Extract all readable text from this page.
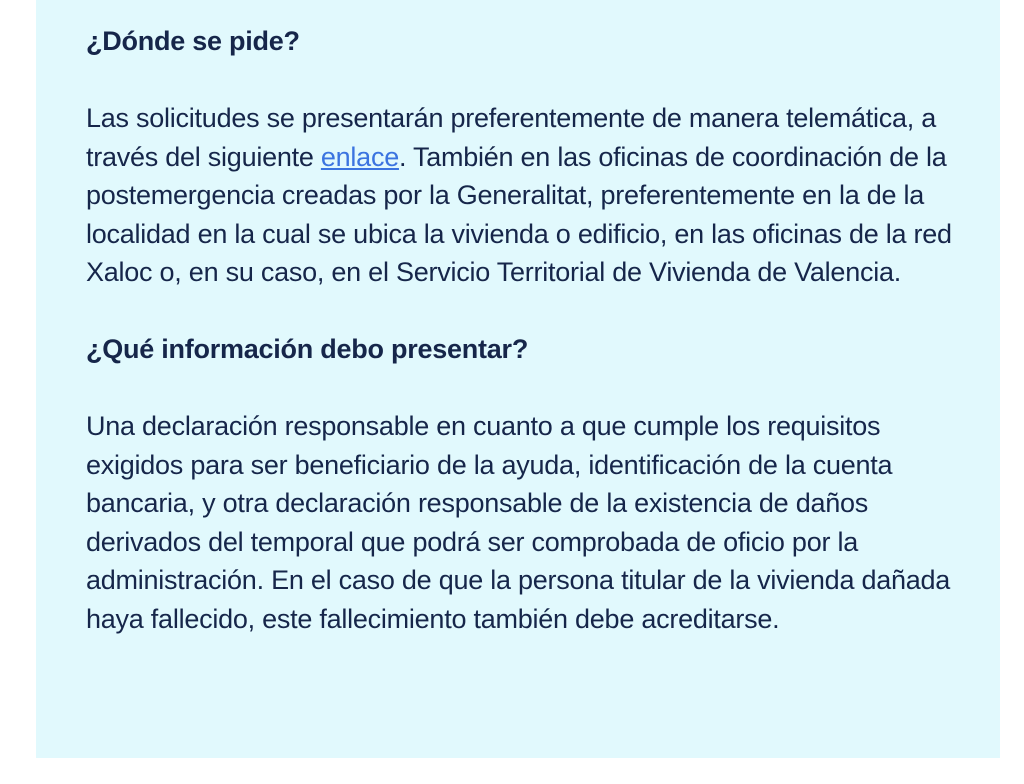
¿Dónde se pide?

Las solicitudes se presentarán preferentemente de manera telemática, a través del siguiente enlace. También en las oficinas de coordinación de la postemergencia creadas por la Generalitat, preferentemente en la de la localidad en la cual se ubica la vivienda o edificio, en las oficinas de la red Xaloc o, en su caso, en el Servicio Territorial de Vivienda de Valencia.

¿Qué información debo presentar?

Una declaración responsable en cuanto a que cumple los requisitos exigidos para ser beneficiario de la ayuda, identificación de la cuenta bancaria, y otra declaración responsable de la existencia de daños derivados del temporal que podrá ser comprobada de oficio por la administración. En el caso de que la persona titular de la vivienda dañada haya fallecido, este fallecimiento también debe acreditarse.
